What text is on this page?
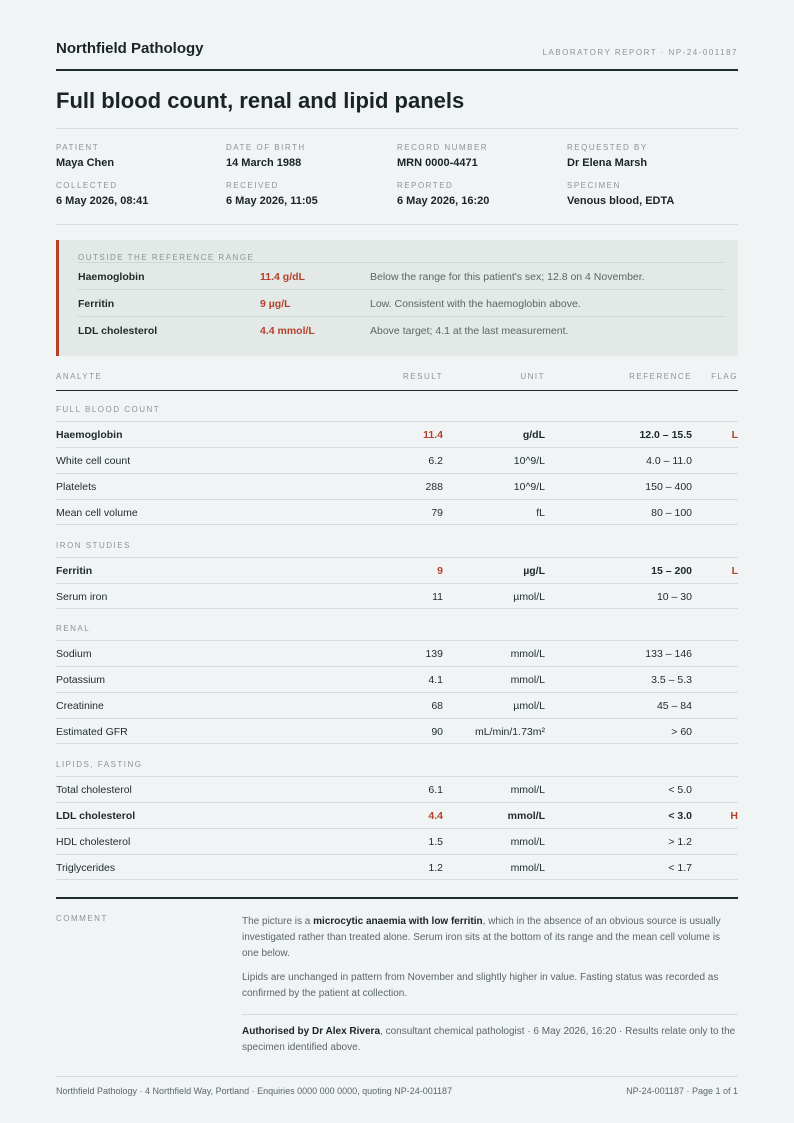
Northfield Pathology	LABORATORY REPORT · NP-24-001187
Full blood count, renal and lipid panels
PATIENT
Maya Chen
DATE OF BIRTH
14 March 1988
RECORD NUMBER
MRN 0000-4471
REQUESTED BY
Dr Elena Marsh
COLLECTED
6 May 2026, 08:41
RECEIVED
6 May 2026, 11:05
REPORTED
6 May 2026, 16:20
SPECIMEN
Venous blood, EDTA
OUTSIDE THE REFERENCE RANGE
Haemoglobin	11.4 g/dL	Below the range for this patient's sex; 12.8 on 4 November.
Ferritin	9 µg/L	Low. Consistent with the haemoglobin above.
LDL cholesterol	4.4 mmol/L	Above target; 4.1 at the last measurement.
ANALYTE	RESULT	UNIT	REFERENCE FLAG
FULL BLOOD COUNT
Haemoglobin	11.4	g/dL	12.0 – 15.5	L
White cell count	6.2	10^9/L	4.0 – 11.0
Platelets	288	10^9/L	150 – 400
Mean cell volume	79	fL	80 – 100
IRON STUDIES
Ferritin	9	µg/L	15 – 200	L
Serum iron	11	µmol/L	10 – 30
RENAL
Sodium	139	mmol/L	133 – 146
Potassium	4.1	mmol/L	3.5 – 5.3
Creatinine	68	µmol/L	45 – 84
Estimated GFR	90	mL/min/1.73m²	> 60
LIPIDS, FASTING
Total cholesterol	6.1	mmol/L	< 5.0
LDL cholesterol	4.4	mmol/L	< 3.0	H
HDL cholesterol	1.5	mmol/L	> 1.2
Triglycerides	1.2	mmol/L	< 1.7
COMMENT	The picture is a microcytic anaemia with low ferritin, which in the absence of an obvious source is usually investigated rather than treated alone. Serum iron sits at the bottom of its range and the mean cell volume is one below.
Lipids are unchanged in pattern from November and slightly higher in value. Fasting status was recorded as confirmed by the patient at collection.
Authorised by Dr Alex Rivera, consultant chemical pathologist · 6 May 2026, 16:20 · Results relate only to the specimen identified above.
Northfield Pathology · 4 Northfield Way, Portland · Enquiries 0000 000 0000, quoting NP-24-001187	NP-24-001187 · Page 1 of 1
